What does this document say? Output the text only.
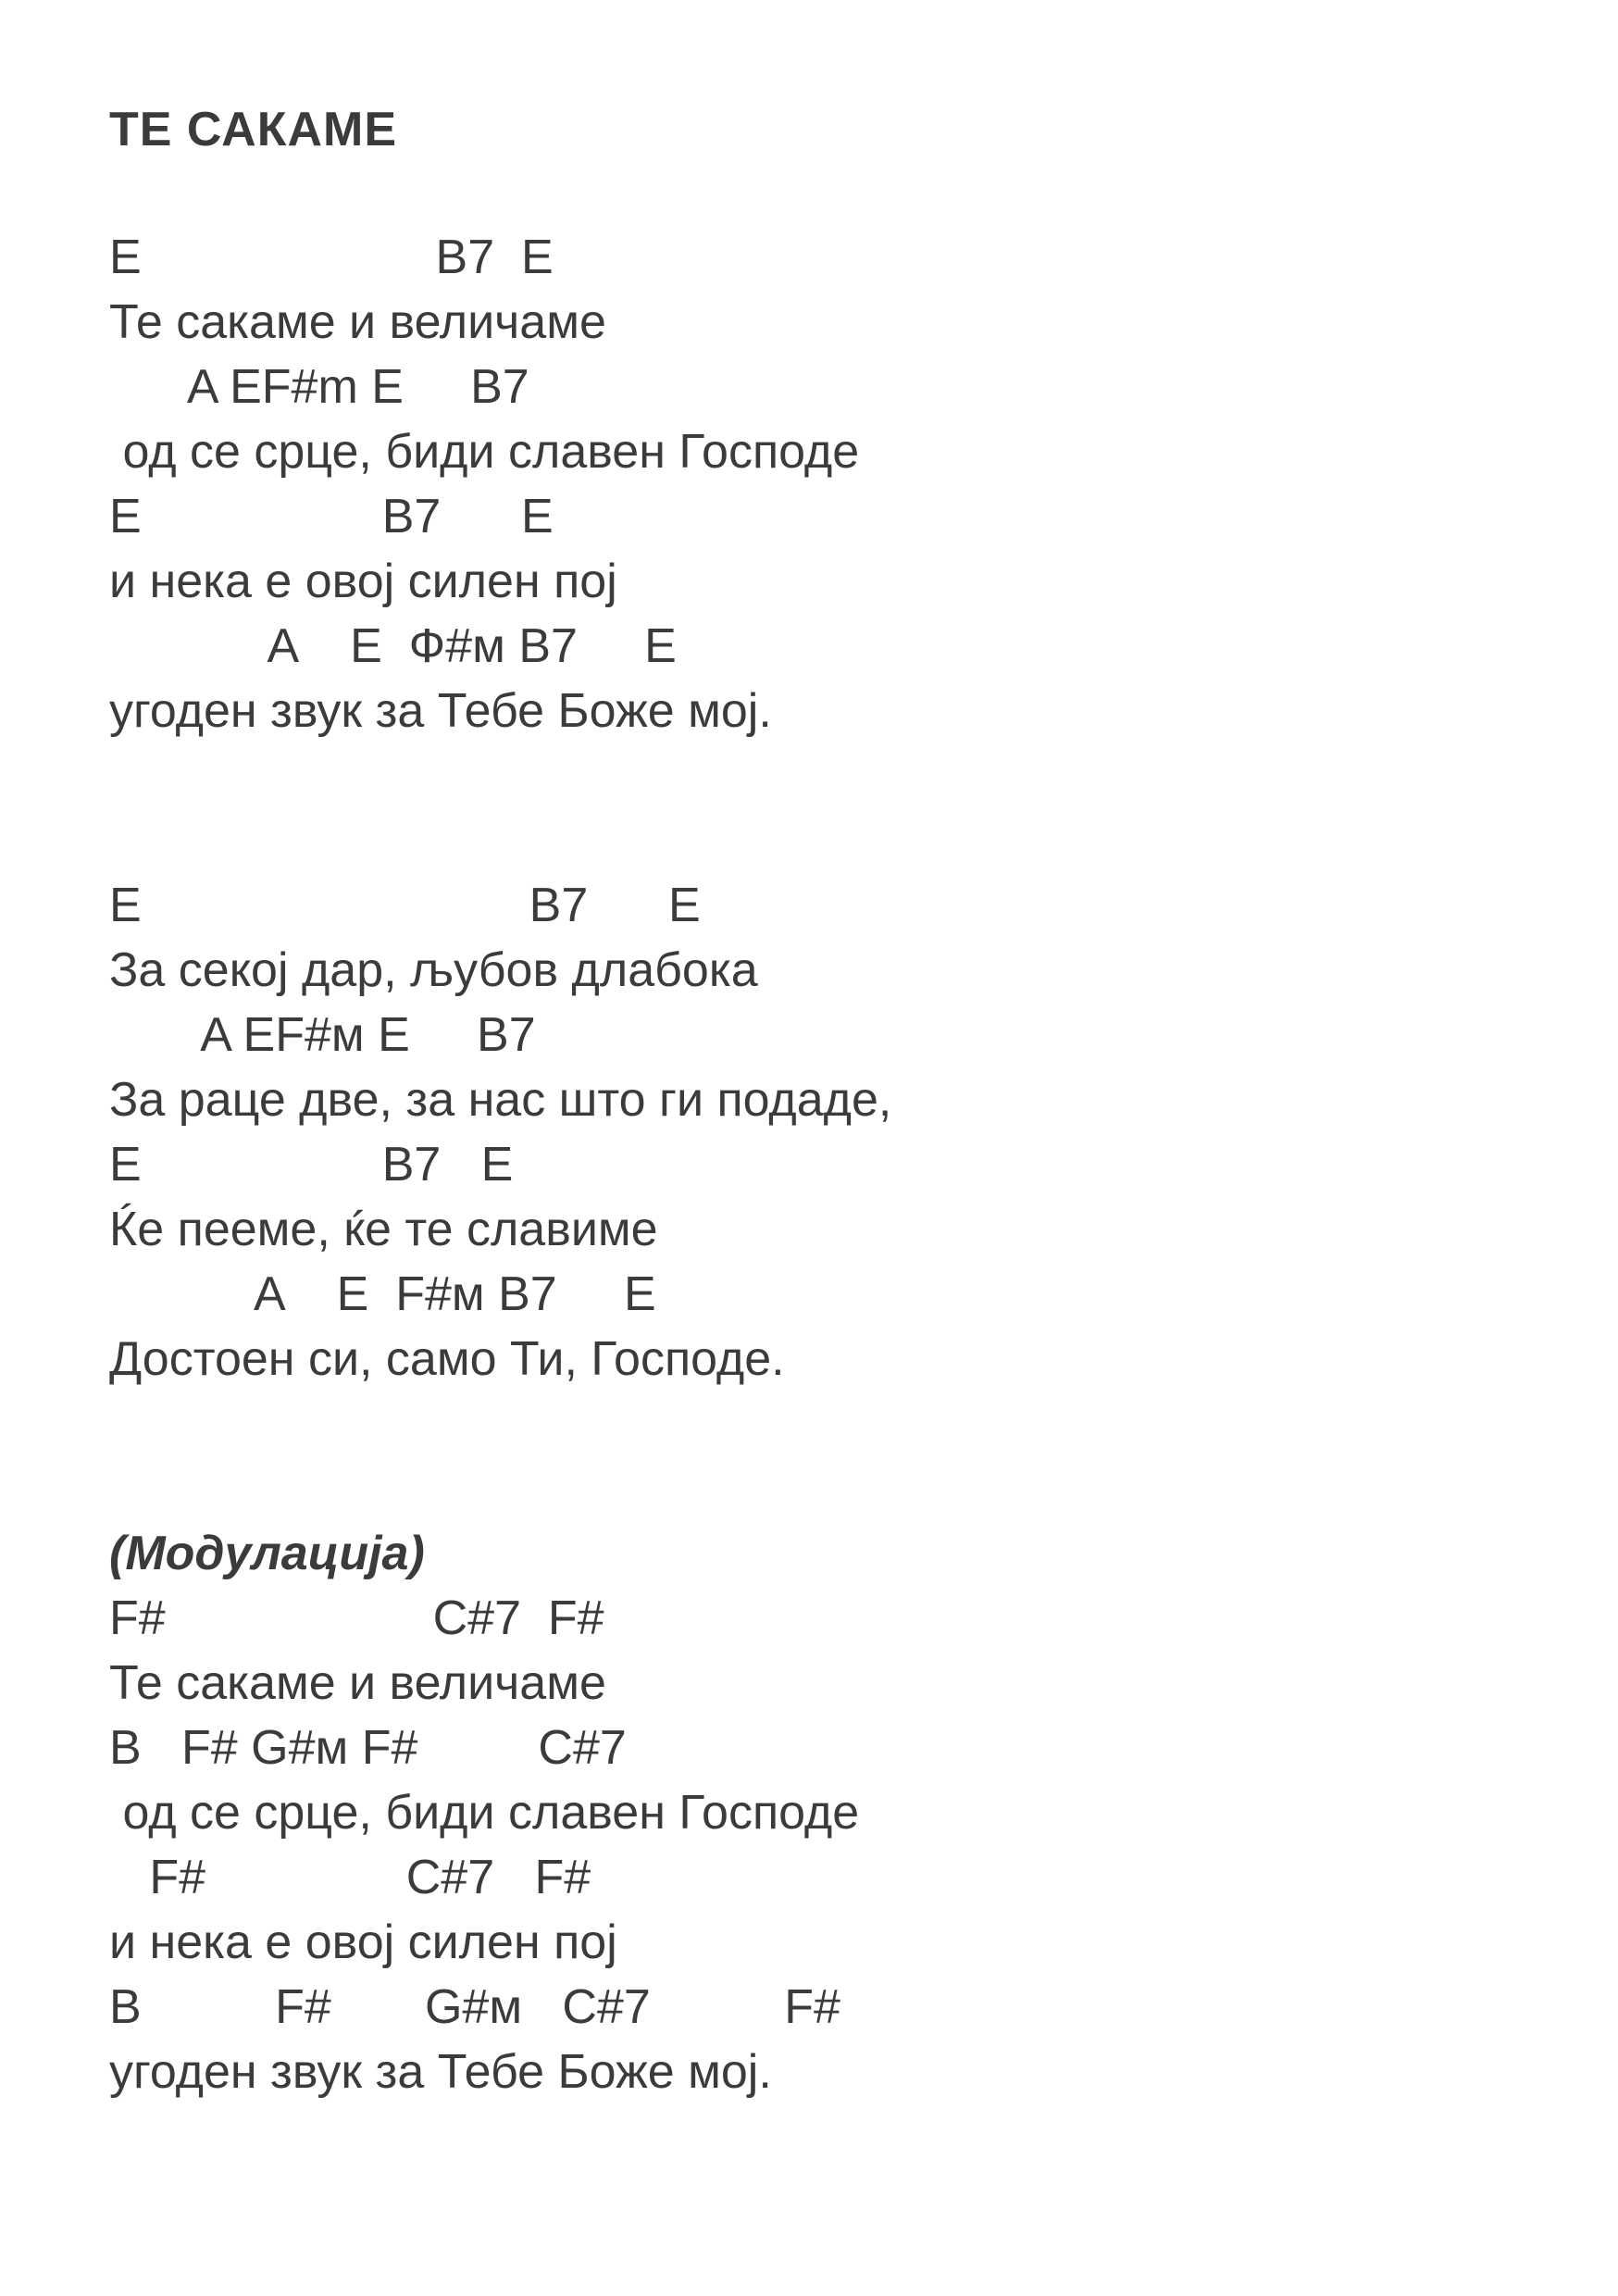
ТЕ САКАМЕ
E                      B7  E
Те сакаме и величаме
A EF#m E     B7
од се срце, биди славен Господе
E                  B7      E
и нека е овој силен пој
A    E  Ф#м B7     E
угоден звук за Тебе Боже мој.
E                             B7      E
За секој дар, љубов длабока
A EF#м E     B7
За раце две, за нас што ги подаде,
E                  B7   E
Ќе пееме, ќе те славиме
A    E  F#м B7     E
Достоен си, само Ти, Господе.
(Модулација)
F#                    C#7  F#
Те сакаме и величаме
B   F# G#м F#         C#7
од се срце, биди славен Господе
F#               C#7   F#
и нека е овој силен пој
B          F#       G#м   C#7          F#
угоден звук за Тебе Боже мој.
